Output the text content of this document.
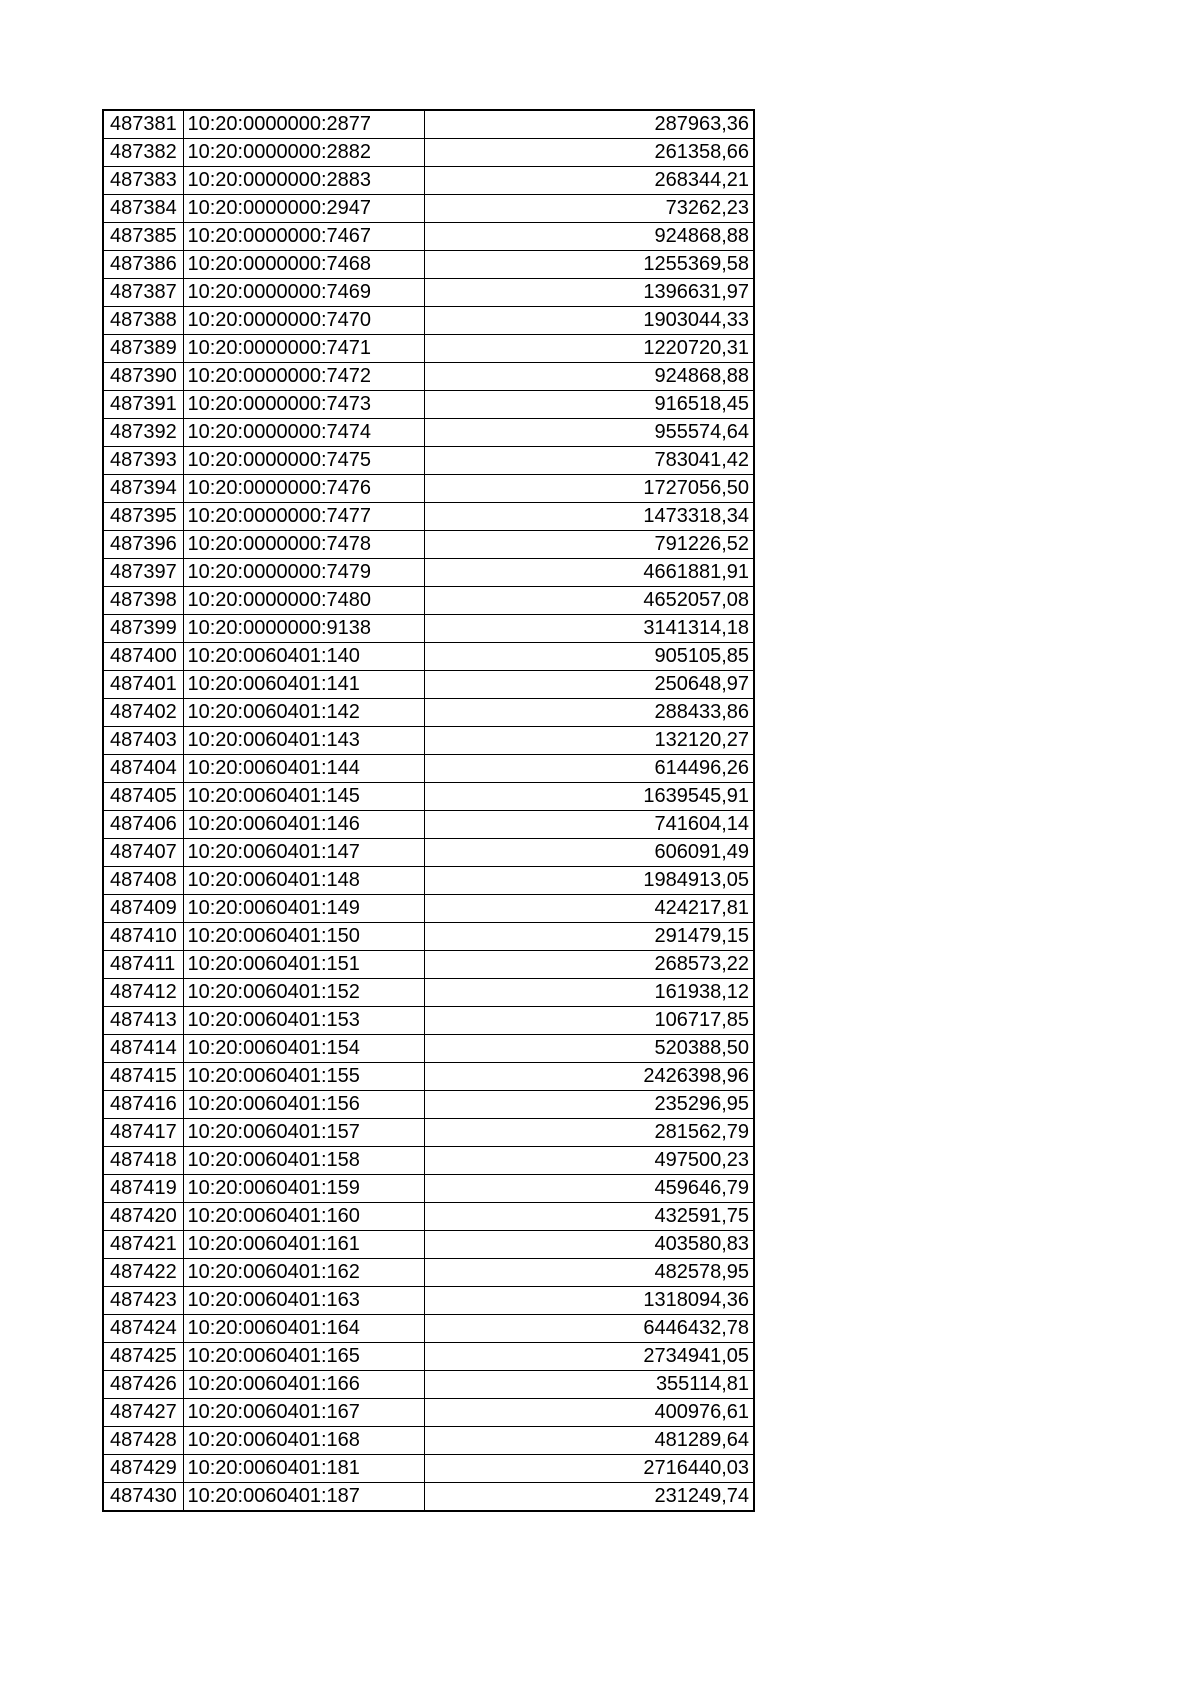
487381	10:20:0000000:2877	287963,36
487382	10:20:0000000:2882	261358,66
487383	10:20:0000000:2883	268344,21
487384	10:20:0000000:2947	73262,23
487385	10:20:0000000:7467	924868,88
487386	10:20:0000000:7468	1255369,58
487387	10:20:0000000:7469	1396631,97
487388	10:20:0000000:7470	1903044,33
487389	10:20:0000000:7471	1220720,31
487390	10:20:0000000:7472	924868,88
487391	10:20:0000000:7473	916518,45
487392	10:20:0000000:7474	955574,64
487393	10:20:0000000:7475	783041,42
487394	10:20:0000000:7476	1727056,50
487395	10:20:0000000:7477	1473318,34
487396	10:20:0000000:7478	791226,52
487397	10:20:0000000:7479	4661881,91
487398	10:20:0000000:7480	4652057,08
487399	10:20:0000000:9138	3141314,18
487400	10:20:0060401:140	905105,85
487401	10:20:0060401:141	250648,97
487402	10:20:0060401:142	288433,86
487403	10:20:0060401:143	132120,27
487404	10:20:0060401:144	614496,26
487405	10:20:0060401:145	1639545,91
487406	10:20:0060401:146	741604,14
487407	10:20:0060401:147	606091,49
487408	10:20:0060401:148	1984913,05
487409	10:20:0060401:149	424217,81
487410	10:20:0060401:150	291479,15
487411	10:20:0060401:151	268573,22
487412	10:20:0060401:152	161938,12
487413	10:20:0060401:153	106717,85
487414	10:20:0060401:154	520388,50
487415	10:20:0060401:155	2426398,96
487416	10:20:0060401:156	235296,95
487417	10:20:0060401:157	281562,79
487418	10:20:0060401:158	497500,23
487419	10:20:0060401:159	459646,79
487420	10:20:0060401:160	432591,75
487421	10:20:0060401:161	403580,83
487422	10:20:0060401:162	482578,95
487423	10:20:0060401:163	1318094,36
487424	10:20:0060401:164	6446432,78
487425	10:20:0060401:165	2734941,05
487426	10:20:0060401:166	355114,81
487427	10:20:0060401:167	400976,61
487428	10:20:0060401:168	481289,64
487429	10:20:0060401:181	2716440,03
487430	10:20:0060401:187	231249,74
